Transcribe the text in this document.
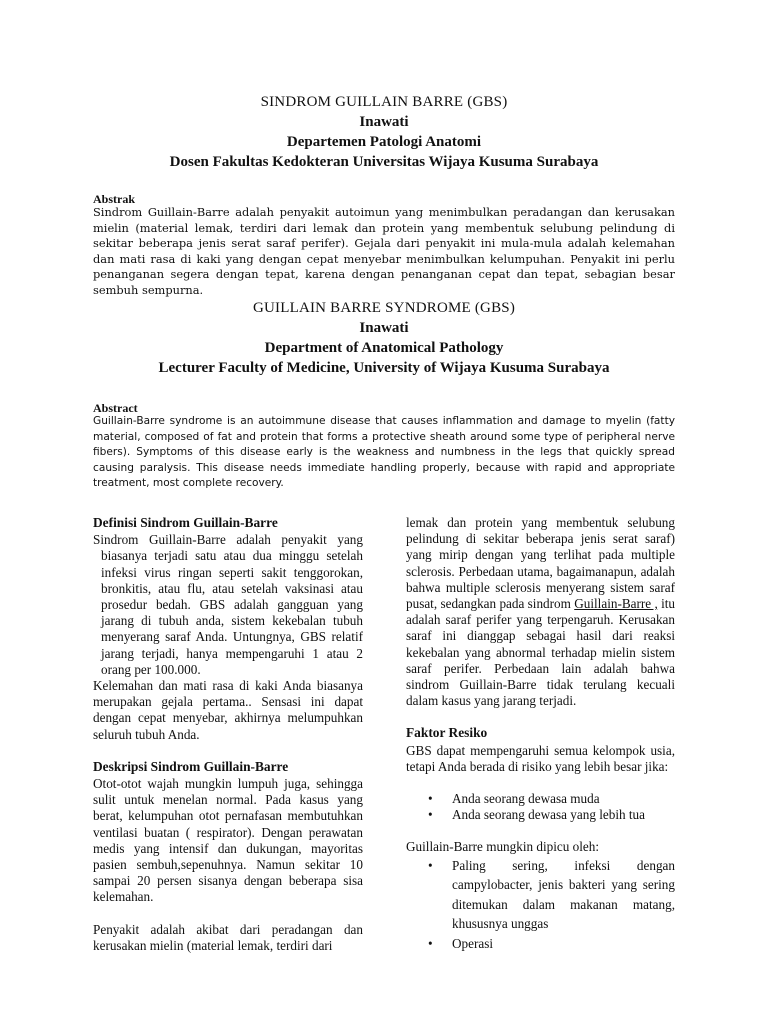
SINDROM GUILLAIN BARRE (GBS)
Inawati
Departemen Patologi Anatomi
Dosen Fakultas Kedokteran Universitas Wijaya Kusuma Surabaya
Abstrak
Sindrom Guillain-Barre adalah penyakit autoimun yang menimbulkan peradangan dan kerusakan mielin (material lemak, terdiri dari lemak dan protein yang membentuk selubung pelindung di sekitar beberapa jenis serat saraf perifer). Gejala dari penyakit ini mula-mula adalah kelemahan dan mati rasa di kaki yang dengan cepat menyebar menimbulkan kelumpuhan. Penyakit ini perlu penanganan segera dengan tepat, karena dengan penanganan cepat dan tepat, sebagian besar sembuh sempurna.
GUILLAIN BARRE SYNDROME (GBS)
Inawati
Department of Anatomical Pathology
Lecturer Faculty of Medicine, University of Wijaya Kusuma Surabaya
Abstract
Guillain-Barre syndrome is an autoimmune disease that causes inflammation and damage to myelin (fatty material, composed of fat and protein that forms a protective sheath around some type of peripheral nerve fibers). Symptoms of this disease early is the weakness and numbness in the legs that quickly spread causing paralysis. This disease needs immediate handling properly, because with rapid and appropriate treatment, most complete recovery.
Definisi Sindrom Guillain-Barre

Sindrom Guillain-Barre adalah penyakit yang biasanya terjadi satu atau dua minggu setelah infeksi virus ringan seperti sakit tenggorokan, bronkitis, atau flu, atau setelah vaksinasi atau prosedur bedah. GBS adalah gangguan yang jarang di tubuh anda, sistem kekebalan tubuh menyerang saraf Anda. Untungnya, GBS relatif jarang terjadi, hanya mempengaruhi 1 atau 2 orang per 100.000.

Kelemahan dan mati rasa di kaki Anda biasanya merupakan gejala pertama.. Sensasi ini dapat dengan cepat menyebar, akhirnya melumpuhkan seluruh tubuh Anda.

Deskripsi Sindrom Guillain-Barre

Otot-otot wajah mungkin lumpuh juga, sehingga sulit untuk menelan normal. Pada kasus yang berat, kelumpuhan otot pernafasan membutuhkan ventilasi buatan ( respirator). Dengan perawatan medis yang intensif dan dukungan, mayoritas pasien sembuh,sepenuhnya. Namun sekitar 10 sampai 20 persen sisanya dengan beberapa sisa kelemahan.

Penyakit adalah akibat dari peradangan dan kerusakan mielin (material lemak, terdiri dari

lemak dan protein yang membentuk selubung pelindung di sekitar beberapa jenis serat saraf) yang mirip dengan yang terlihat pada multiple sclerosis. Perbedaan utama, bagaimanapun, adalah bahwa multiple sclerosis menyerang sistem saraf pusat, sedangkan pada sindrom Guillain-Barre , itu adalah saraf perifer yang terpengaruh. Kerusakan saraf ini dianggap sebagai hasil dari reaksi kekebalan yang abnormal terhadap mielin sistem saraf perifer. Perbedaan lain adalah bahwa sindrom Guillain-Barre tidak terulang kecuali dalam kasus yang jarang terjadi.

Faktor Resiko

GBS dapat mempengaruhi semua kelompok usia, tetapi Anda berada di risiko yang lebih besar jika:

• Anda seorang dewasa muda
• Anda seorang dewasa yang lebih tua

Guillain-Barre mungkin dipicu oleh:

• Paling sering, infeksi dengan campylobacter, jenis bakteri yang sering ditemukan dalam makanan matang, khususnya unggas
• Operasi
